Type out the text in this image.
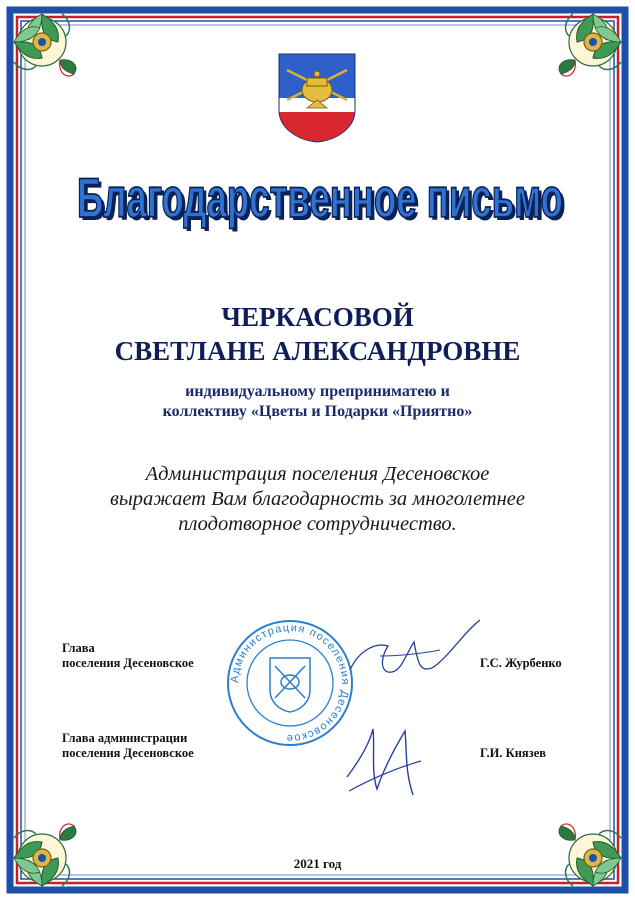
Благодарственное письмо
Благодарственное письмо
ЧЕРКАСОВОЙ
СВЕТЛАНЕ АЛЕКСАНДРОВНЕ
индивидуальному преприниматею и
коллективу «Цветы и Подарки «Приятно»
Администрация поселения Десеновское
выражает Вам благодарность за многолетнее
плодотворное сотрудничество.
Администрация поселения Десеновское
Глава
поселения Десеновское	Г.С. Журбенко
Глава администрации
поселения Десеновское	Г.И. Князев
2021 год
